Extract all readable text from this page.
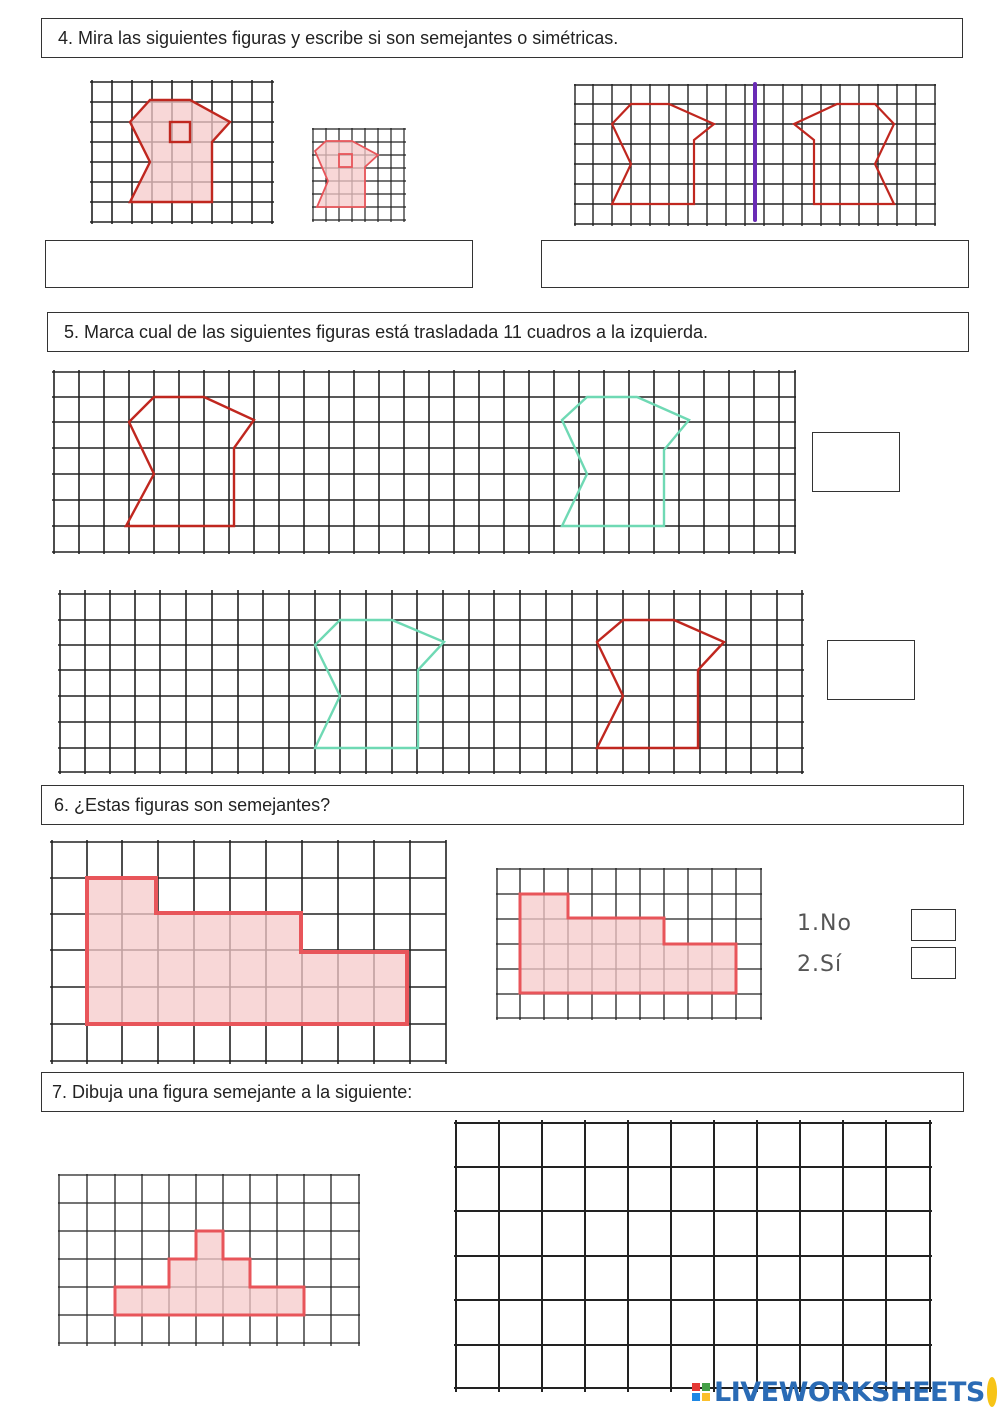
4. Mira las siguientes figuras y escribe si son semejantes o simétricas.
5. Marca cual de las siguientes figuras está trasladada 11 cuadros a la izquierda.
6. ¿Estas figuras son semejantes?
1.No
2.Sí
7. Dibuja una figura semejante a la siguiente:
LIVEWORKSHEETS
